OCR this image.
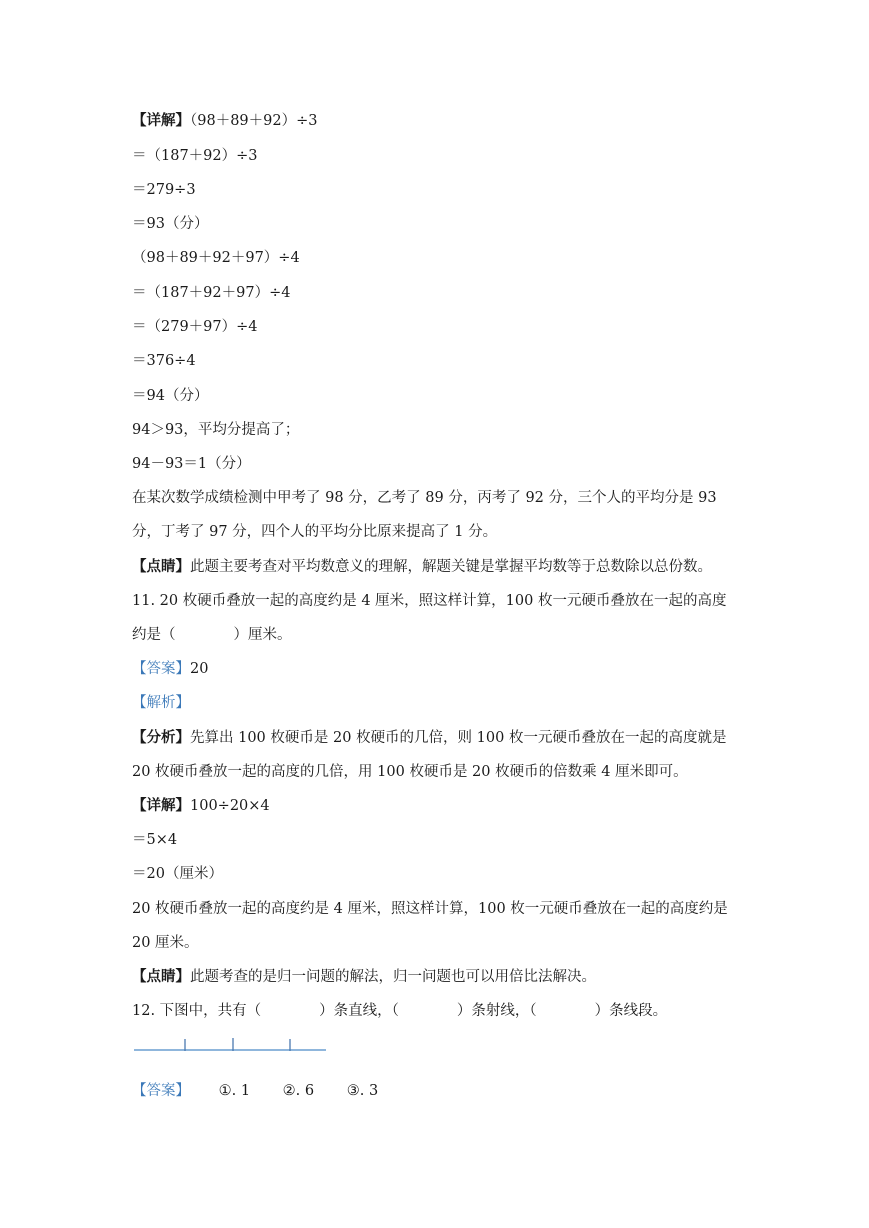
【详解】（98＋89＋92）÷3
＝（187＋92）÷3
＝279÷3
＝93（分）
（98＋89＋92＋97）÷4
＝（187＋92＋97）÷4
＝（279＋97）÷4
＝376÷4
＝94（分）
94＞93，平均分提高了；
94－93＝1（分）
在某次数学成绩检测中甲考了 98 分，乙考了 89 分，丙考了 92 分，三个人的平均分是 93
分，丁考了 97 分，四个人的平均分比原来提高了 1 分。
【点睛】此题主要考查对平均数意义的理解，解题关键是掌握平均数等于总数除以总份数。
11. 20 枚硬币叠放一起的高度约是 4 厘米，照这样计算，100 枚一元硬币叠放在一起的高度
约是（　　　　）厘米。
【答案】20
【解析】
【分析】先算出 100 枚硬币是 20 枚硬币的几倍，则 100 枚一元硬币叠放在一起的高度就是
20 枚硬币叠放一起的高度的几倍，用 100 枚硬币是 20 枚硬币的倍数乘 4 厘米即可。
【详解】100÷20×4
＝5×4
＝20（厘米）
20 枚硬币叠放一起的高度约是 4 厘米，照这样计算，100 枚一元硬币叠放在一起的高度约是
20 厘米。
【点睛】此题考查的是归一问题的解法，归一问题也可以用倍比法解决。
12. 下图中，共有（　　　　）条直线，（　　　　）条射线，（　　　　）条线段。
【答案】 ①. 1 ②. 6 ③. 3
